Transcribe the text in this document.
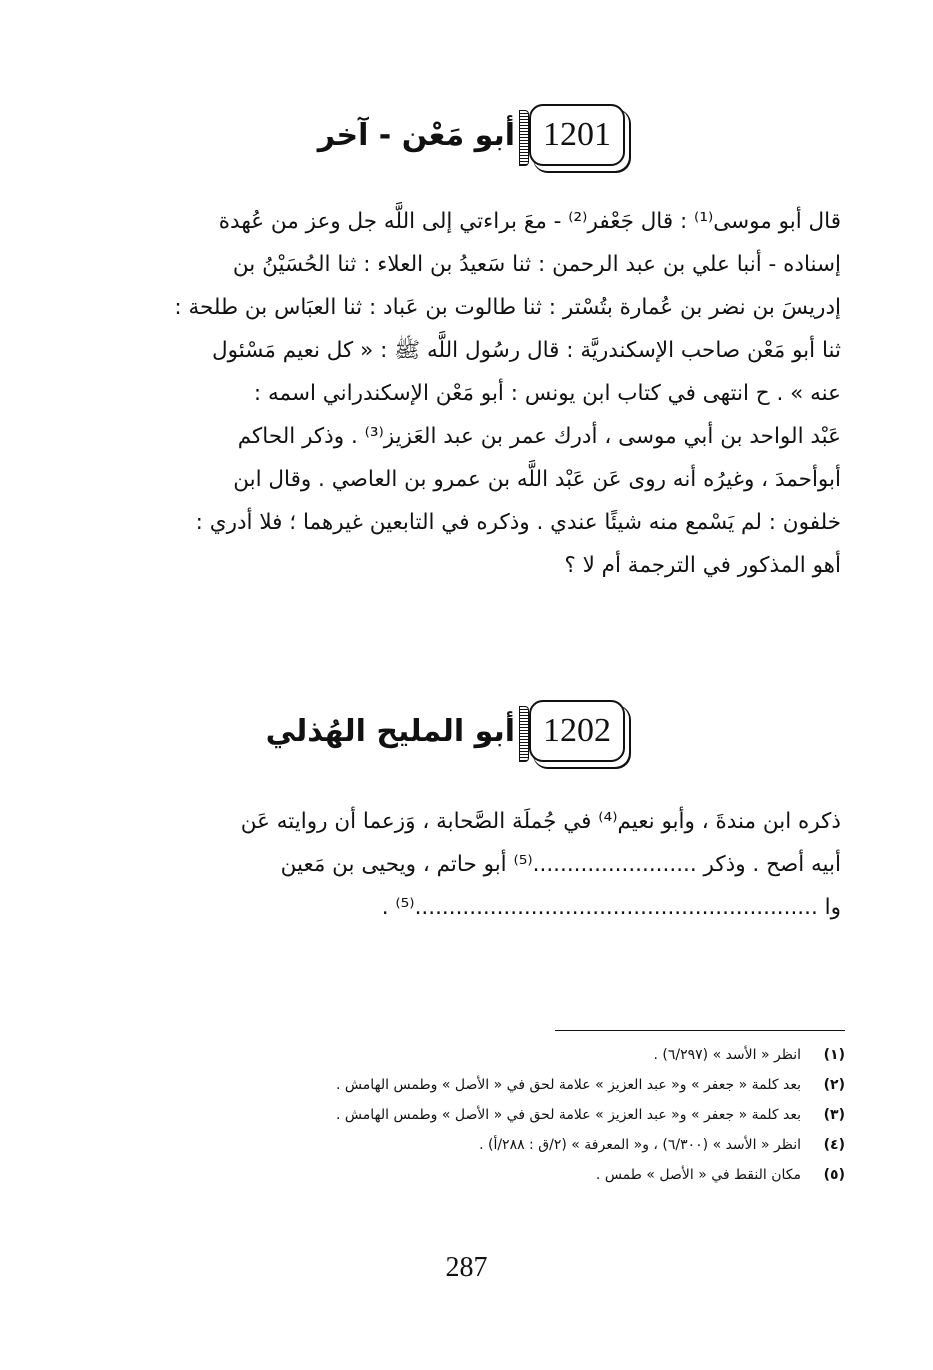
1201
أبو مَعْن - آخر
قال أبو موسى⁽¹⁾ : قال جَعْفر⁽²⁾ - معَ براءتي إلى اللَّه جل وعز من عُهدة
إسناده - أنبا علي بن عبد الرحمن : ثنا سَعيدُ بن العلاء : ثنا الحُسَيْنُ بن
إدريسَ بن نضر بن عُمارة بتُسْتر : ثنا طالوت بن عَباد : ثنا العبَاس بن طلحة :
ثنا أبو مَعْن صاحب الإسكندريَّة : قال رسُول اللَّه ﷺ : « كل نعيم مَسْئول
عنه » . ح انتهى في كتاب ابن يونس : أبو مَعْن الإسكندراني اسمه :
عَبْد الواحد بن أبي موسى ، أدرك عمر بن عبد العَزيز⁽³⁾ . وذكر الحاكم
أبوأحمدَ ، وغيرُه أنه روى عَن عَبْد اللَّه بن عمرو بن العاصي . وقال ابن
خلفون : لم يَسْمع منه شيئًا عندي . وذكره في التابعين غيرهما ؛ فلا أدري :
أهو المذكور في الترجمة أم لا ؟
1202
أبو المليح الهُذلي
ذكره ابن مندةَ ، وأبو نعيم⁽⁴⁾ في جُملَة الصَّحابة ، وَزعما أن روايته عَن
أبيه أصح . وذكر ........................⁽⁵⁾ أبو حاتم ، ويحيى بن مَعين
وا ...........................................................⁽⁵⁾ .
(١)
انظر « الأسد » (٦/٢٩٧) .
(٢)
بعد كلمة « جعفر » و« عبد العزيز » علامة لحق في « الأصل » وطمس الهامش .
(٣)
بعد كلمة « جعفر » و« عبد العزيز » علامة لحق في « الأصل » وطمس الهامش .
(٤)
انظر « الأسد » (٦/٣٠٠) ، و« المعرفة » (٢/ق : ٢٨٨/أ) .
(٥)
مكان النقط في « الأصل » طمس .
287
